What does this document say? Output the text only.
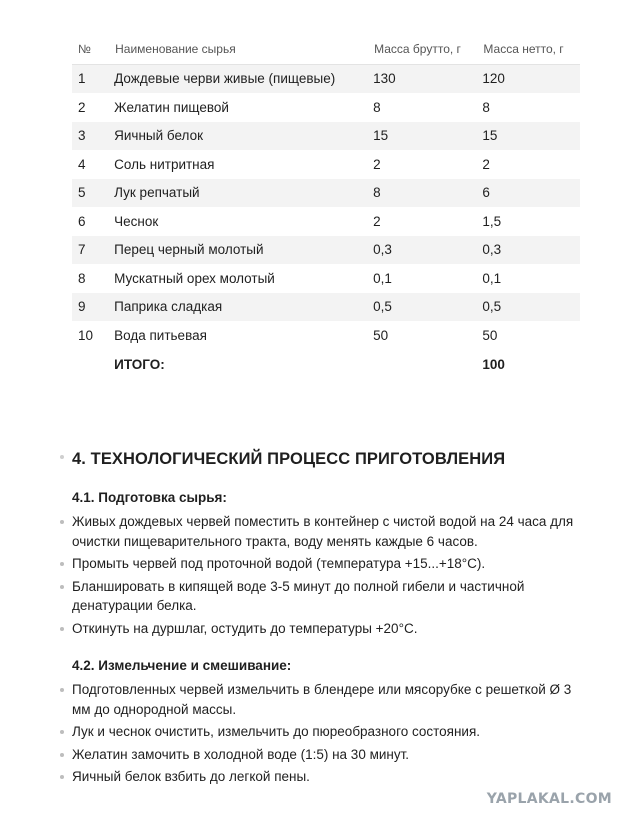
№	Наименование сырья	Масса брутто, г	Масса нетто, г
1	Дождевые черви живые (пищевые)	130	120
2	Желатин пищевой	8	8
3	Яичный белок	15	15
4	Соль нитритная	2	2
5	Лук репчатый	8	6
6	Чеснок	2	1,5
7	Перец черный молотый	0,3	0,3
8	Мускатный орех молотый	0,1	0,1
9	Паприка сладкая	0,5	0,5
10	Вода питьевая	50	50
	ИТОГО:		100
4. ТЕХНОЛОГИЧЕСКИЙ ПРОЦЕСС ПРИГОТОВЛЕНИЯ
4.1. Подготовка сырья:
Живых дождевых червей поместить в контейнер с чистой водой на 24 часа для очистки пищеварительного тракта, воду менять каждые 6 часов.
Промыть червей под проточной водой (температура +15...+18°C).
Бланшировать в кипящей воде 3-5 минут до полной гибели и частичной денатурации белка.
Откинуть на дуршлаг, остудить до температуры +20°C.
4.2. Измельчение и смешивание:
Подготовленных червей измельчить в блендере или мясорубке с решеткой Ø 3 мм до однородной массы.
Лук и чеснок очистить, измельчить до пюреобразного состояния.
Желатин замочить в холодной воде (1:5) на 30 минут.
Яичный белок взбить до легкой пены.
YAPLAKAL.COM
